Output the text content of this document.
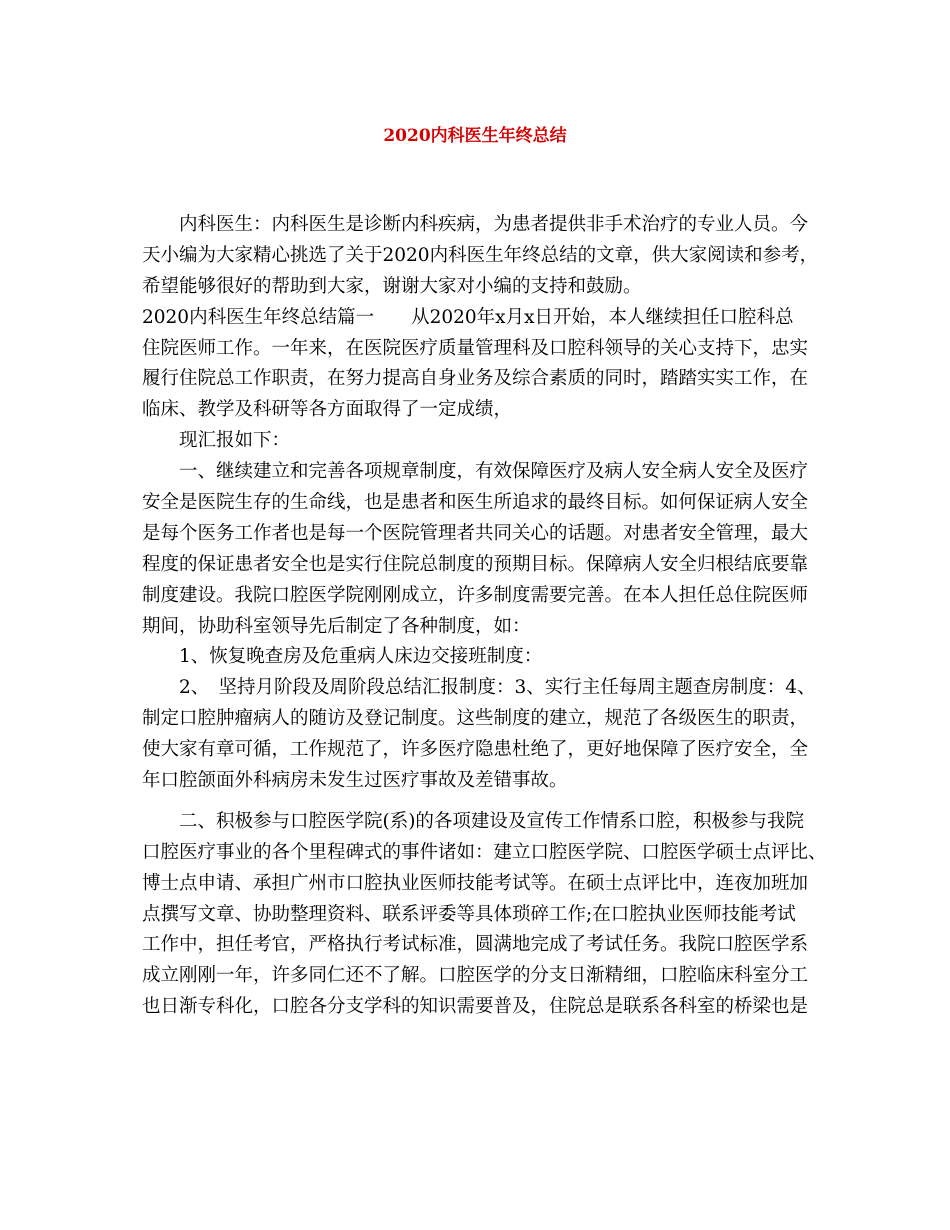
2020内科医生年终总结
　　内科医生：内科医生是诊断内科疾病，为患者提供非手术治疗的专业人员。今
天小编为大家精心挑选了关于2020内科医生年终总结的文章，供大家阅读和参考，
希望能够很好的帮助到大家，谢谢大家对小编的支持和鼓励。
2020内科医生年终总结篇一　　从2020年x月x日开始，本人继续担任口腔科总
住院医师工作。一年来，在医院医疗质量管理科及口腔科领导的关心支持下，忠实
履行住院总工作职责，在努力提高自身业务及综合素质的同时，踏踏实实工作，在
临床、教学及科研等各方面取得了一定成绩，
　　现汇报如下：
　　一、继续建立和完善各项规章制度，有效保障医疗及病人安全病人安全及医疗
安全是医院生存的生命线，也是患者和医生所追求的最终目标。如何保证病人安全
是每个医务工作者也是每一个医院管理者共同关心的话题。对患者安全管理，最大
程度的保证患者安全也是实行住院总制度的预期目标。保障病人安全归根结底要靠
制度建设。我院口腔医学院刚刚成立，许多制度需要完善。在本人担任总住院医师
期间，协助科室领导先后制定了各种制度，如：
　　1、恢复晚查房及危重病人床边交接班制度：
　　2、　坚持月阶段及周阶段总结汇报制度：3、实行主任每周主题查房制度：4、
制定口腔肿瘤病人的随访及登记制度。这些制度的建立，规范了各级医生的职责，
使大家有章可循，工作规范了，许多医疗隐患杜绝了，更好地保障了医疗安全，全
年口腔颌面外科病房未发生过医疗事故及差错事故。
　　二、积极参与口腔医学院(系)的各项建设及宣传工作情系口腔，积极参与我院
口腔医疗事业的各个里程碑式的事件诸如：建立口腔医学院、口腔医学硕士点评比、
博士点申请、承担广州市口腔执业医师技能考试等。在硕士点评比中，连夜加班加
点撰写文章、协助整理资料、联系评委等具体琐碎工作;在口腔执业医师技能考试
工作中，担任考官，严格执行考试标准，圆满地完成了考试任务。我院口腔医学系
成立刚刚一年，许多同仁还不了解。口腔医学的分支日渐精细，口腔临床科室分工
也日渐专科化，口腔各分支学科的知识需要普及，住院总是联系各科室的桥梁也是
